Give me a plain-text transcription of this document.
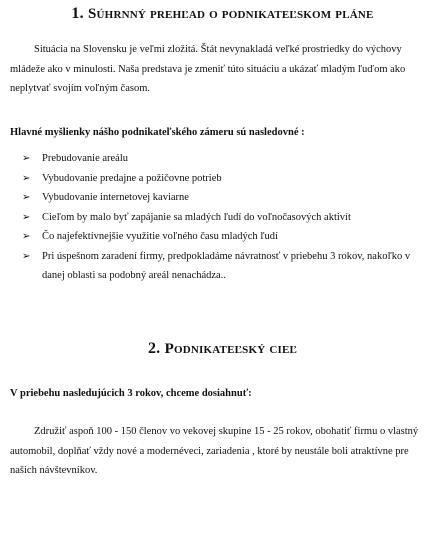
1. Súhrnný prehľad o podnikateľskom pláne

Situácia na Slovensku je veľmi zložitá. Štát nevynakladá veľké prostriedky do výchovy mládeže ako v minulosti. Naša predstava je zmeniť túto situáciu a ukázať mladým ľuďom ako neplytvať svojím voľným časom.

Hlavné myšlienky nášho podnikateľského zámeru sú nasledovné :

➢ Prebudovanie areálu
➢ Vybudovanie predajne a požičovne potrieb
➢ Vybudovanie internetovej kaviarne
➢ Cieľom by malo byť zapájanie sa mladých ľudí do voľnočasových aktivít
➢ Čo najefektívnejšie využitie voľného času mladých ľudí
➢ Pri úspešnom zaradení firmy, predpokladáme návratnosť v priebehu 3 rokov, nakoľko v danej oblasti sa podobný areál nenachádza..
2. Podnikateľský cieľ

V priebehu nasledujúcich 3 rokov, chceme dosiahnuť:

Združiť aspoň 100 - 150 členov vo vekovej skupine 15 - 25 rokov, obohatiť firmu o vlastný automobil, doplňať vždy nové a modernéveci, zariadenia , ktoré by neustále boli atraktívne pre našich návštevníkov.
